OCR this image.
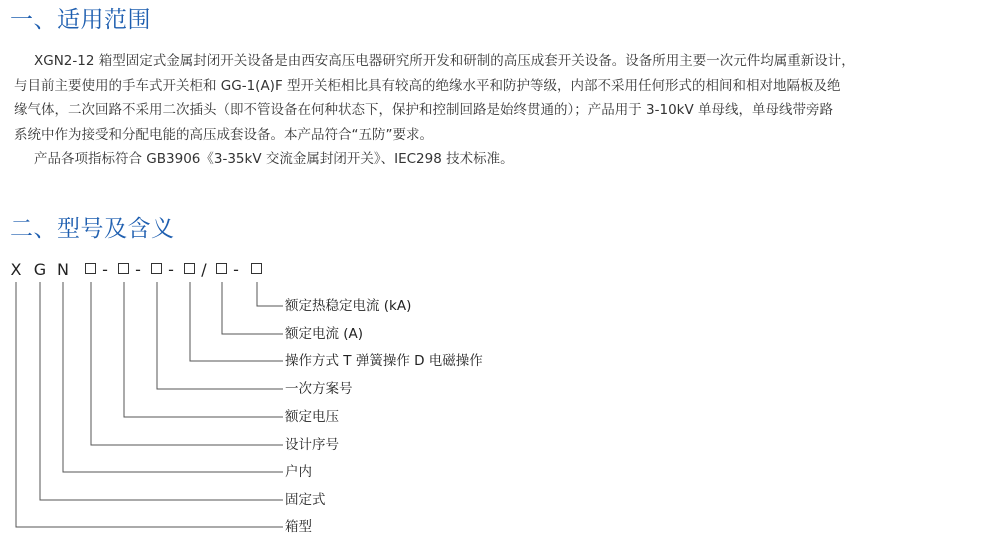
一、适用范围

XGN2-12 箱型固定式金属封闭开关设备是由西安高压电器研究所开发和研制的高压成套开关设备。设备所用主要一次元件均属重新设计，

与目前主要使用的手车式开关柜和 GG-1(A)F 型开关柜相比具有较高的绝缘水平和防护等级，内部不采用任何形式的相间和相对地隔板及绝

缘气体，二次回路不采用二次插头（即不管设备在何种状态下，保护和控制回路是始终贯通的）；产品用于 3-10kV 单母线，单母线带旁路

系统中作为接受和分配电能的高压成套设备。本产品符合“五防”要求。

产品各项指标符合 GB3906《3-35kV 交流金属封闭开关》、IEC298 技术标准。

二、型号及含义
X G N - - - / -
额定热稳定电流 (kA)
额定电流 (A)
操作方式 T 弹簧操作 D 电磁操作
一次方案号
额定电压
设计序号
户内
固定式
箱型
